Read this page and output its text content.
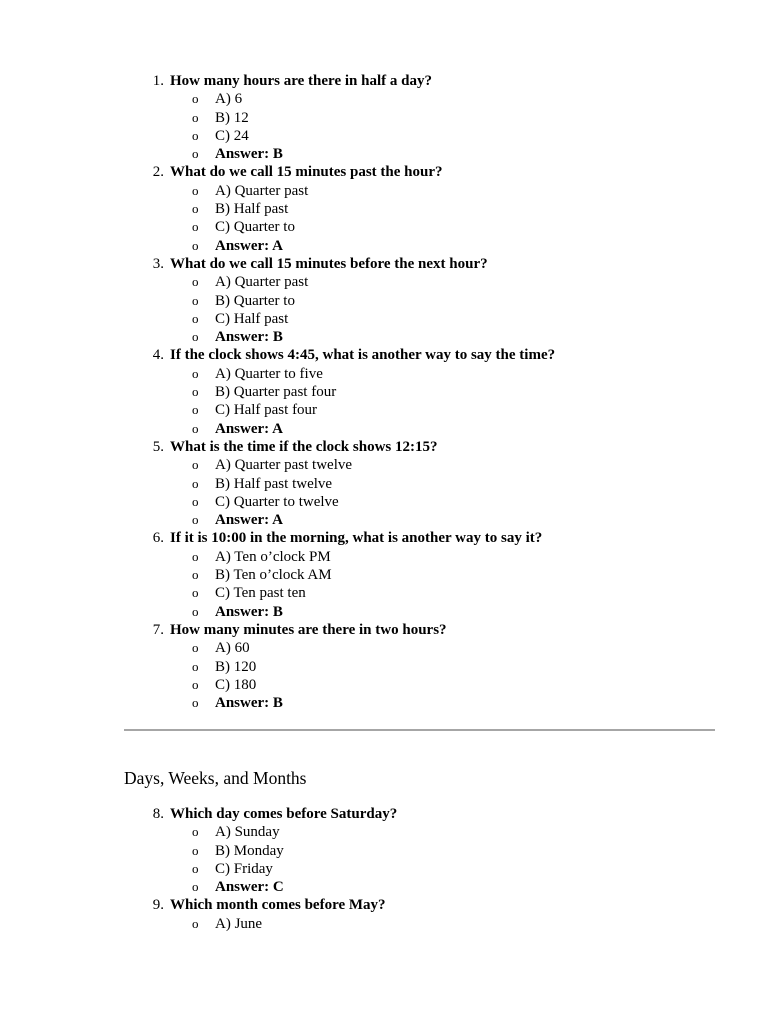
1. How many hours are there in half a day?
o A) 6
o B) 12
o C) 24
o Answer: B
2. What do we call 15 minutes past the hour?
o A) Quarter past
o B) Half past
o C) Quarter to
o Answer: A
3. What do we call 15 minutes before the next hour?
o A) Quarter past
o B) Quarter to
o C) Half past
o Answer: B
4. If the clock shows 4:45, what is another way to say the time?
o A) Quarter to five
o B) Quarter past four
o C) Half past four
o Answer: A
5. What is the time if the clock shows 12:15?
o A) Quarter past twelve
o B) Half past twelve
o C) Quarter to twelve
o Answer: A
6. If it is 10:00 in the morning, what is another way to say it?
o A) Ten o’clock PM
o B) Ten o’clock AM
o C) Ten past ten
o Answer: B
7. How many minutes are there in two hours?
o A) 60
o B) 120
o C) 180
o Answer: B
Days, Weeks, and Months
8. Which day comes before Saturday?
o A) Sunday
o B) Monday
o C) Friday
o Answer: C
9. Which month comes before May?
o A) June
